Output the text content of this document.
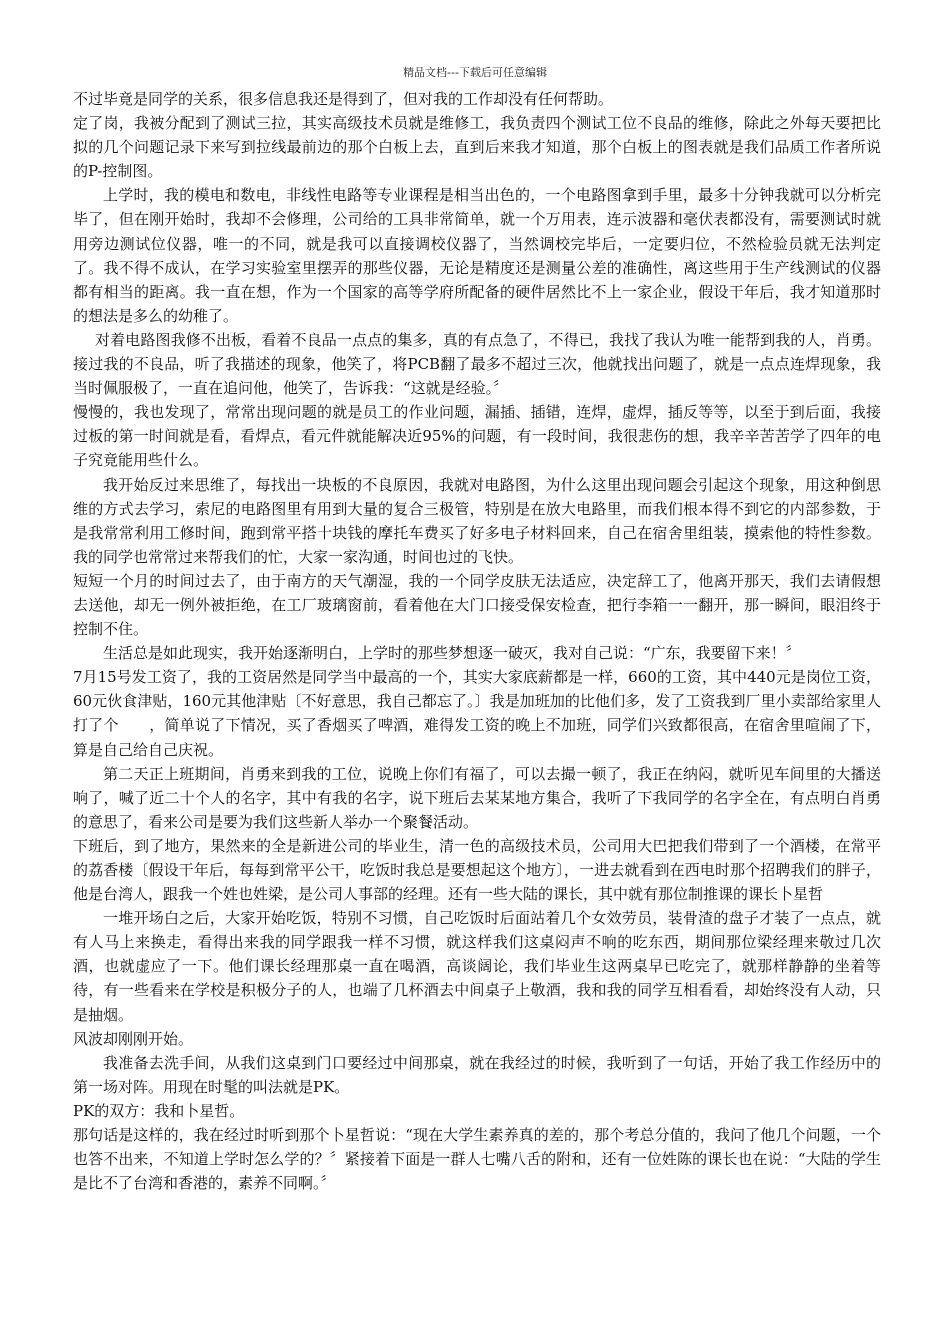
精品文档---下载后可任意编辑

不过毕竟是同学的关系，很多信息我还是得到了，但对我的工作却没有任何帮助。

定了岗，我被分配到了测试三拉，其实高级技术员就是维修工，我负责四个测试工位不良品的维修，除此之外每天要把比拟的几个问题记录下来写到拉线最前边的那个白板上去，直到后来我才知道，那个白板上的图表就是我们品质工作者所说的P-控制图。

上学时，我的模电和数电，非线性电路等专业课程是相当出色的，一个电路图拿到手里，最多十分钟我就可以分析完毕了，但在刚开始时，我却不会修理，公司给的工具非常简单，就一个万用表，连示波器和毫伏表都没有，需要测试时就用旁边测试位仪器，唯一的不同，就是我可以直接调校仪器了，当然调校完毕后，一定要归位，不然检验员就无法判定了。我不得不成认，在学习实验室里摆弄的那些仪器，无论是精度还是测量公差的准确性，离这些用于生产线测试的仪器都有相当的距离。我一直在想，作为一个国家的高等学府所配备的硬件居然比不上一家企业，假设干年后，我才知道那时的想法是多么的幼稚了。

对着电路图我修不出板，看着不良品一点点的集多，真的有点急了，不得已，我找了我认为唯一能帮到我的人，肖勇。接过我的不良品，听了我描述的现象，他笑了，将PCB翻了最多不超过三次，他就找出问题了，就是一点点连焊现象，我当时佩服极了，一直在追问他，他笑了，告诉我：“这就是经验。〞

慢慢的，我也发现了，常常出现问题的就是员工的作业问题，漏插、插错，连焊，虚焊，插反等等，以至于到后面，我接过板的第一时间就是看，看焊点，看元件就能解决近95%的问题，有一段时间，我很悲伤的想，我辛辛苦苦学了四年的电子究竟能用些什么。

我开始反过来思维了，每找出一块板的不良原因，我就对电路图，为什么这里出现问题会引起这个现象，用这种倒思维的方式去学习，索尼的电路图里有用到大量的复合三极管，特别是在放大电路里，而我们根本得不到它的内部参数，于是我常常利用工修时间，跑到常平搭十块钱的摩托车费买了好多电子材料回来，自己在宿舍里组装，摸索他的特性参数。我的同学也常常过来帮我们的忙，大家一家沟通，时间也过的飞快。

短短一个月的时间过去了，由于南方的天气潮湿，我的一个同学皮肤无法适应，决定辞工了，他离开那天，我们去请假想去送他，却无一例外被拒绝，在工厂玻璃窗前，看着他在大门口接受保安检查，把行李箱一一翻开，那一瞬间，眼泪终于控制不住。

生活总是如此现实，我开始逐渐明白，上学时的那些梦想逐一破灭，我对自己说：“广东，我要留下来！〞

7月15号发工资了，我的工资居然是同学当中最高的一个，其实大家底薪都是一样，660的工资，其中440元是岗位工资，60元伙食津贴，160元其他津贴〔不好意思，我自己都忘了。〕我是加班加的比他们多，发了工资我到厂里小卖部给家里人打了个　　，简单说了下情况，买了香烟买了啤酒，难得发工资的晚上不加班，同学们兴致都很高，在宿舍里喧闹了下，算是自己给自己庆祝。

第二天正上班期间，肖勇来到我的工位，说晚上你们有福了，可以去撮一顿了，我正在纳闷，就听见车间里的大播送响了，喊了近二十个人的名字，其中有我的名字，说下班后去某某地方集合，我听了下我同学的名字全在，有点明白肖勇的意思了，看来公司是要为我们这些新人举办一个聚餐活动。

下班后，到了地方，果然来的全是新进公司的毕业生，清一色的高级技术员，公司用大巴把我们带到了一个酒楼，在常平的荔香楼〔假设干年后，每每到常平公干，吃饭时我总是要想起这个地方〕，一进去就看到在西电时那个招聘我们的胖子，他是台湾人，跟我一个姓也姓梁，是公司人事部的经理。还有一些大陆的课长，其中就有那位制推课的课长卜星哲

一堆开场白之后，大家开始吃饭，特别不习惯，自己吃饭时后面站着几个女效劳员，装骨渣的盘子才装了一点点，就有人马上来换走，看得出来我的同学跟我一样不习惯，就这样我们这桌闷声不响的吃东西，期间那位梁经理来敬过几次酒，也就虚应了一下。他们课长经理那桌一直在喝酒，高谈阔论，我们毕业生这两桌早已吃完了，就那样静静的坐着等待，有一些看来在学校是积极分子的人，也端了几杯酒去中间桌子上敬酒，我和我的同学互相看看，却始终没有人动，只是抽烟。

风波却刚刚开始。

我准备去洗手间，从我们这桌到门口要经过中间那桌，就在我经过的时候，我听到了一句话，开始了我工作经历中的第一场对阵。用现在时髦的叫法就是PK。

PK的双方：我和卜星哲。

那句话是这样的，我在经过时听到那个卜星哲说：“现在大学生素养真的差的，那个考总分值的，我问了他几个问题，一个也答不出来，不知道上学时怎么学的？〞紧接着下面是一群人七嘴八舌的附和，还有一位姓陈的课长也在说：“大陆的学生是比不了台湾和香港的，素养不同啊。〞
